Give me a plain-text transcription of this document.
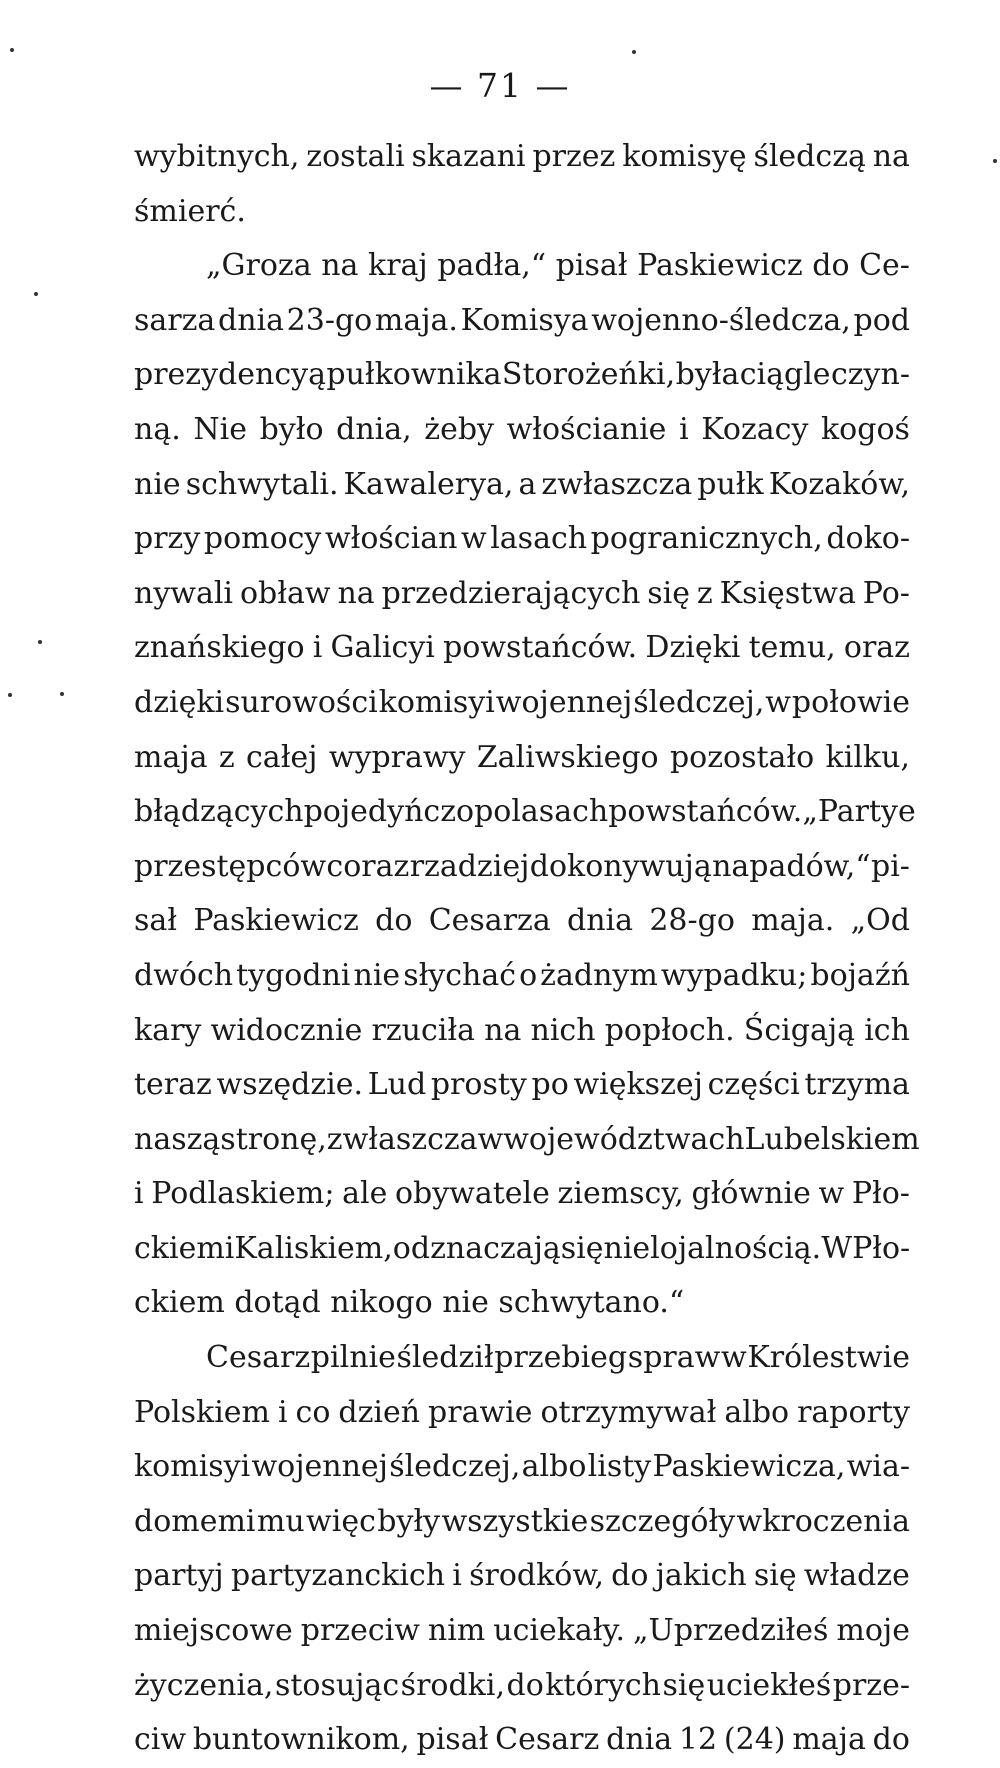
— 71 —
wybitnych, zostali skazani przez komisyę śledczą na
śmierć.
„Groza na kraj padła,“ pisał Paskiewicz do Ce-
sarza dnia 23-go maja. Komisya wojenno-śledcza, pod
prezydencyą pułkownika Storożeńki, była ciągle czyn-
ną. Nie było dnia, żeby włościanie i Kozacy kogoś
nie schwytali. Kawalerya, a zwłaszcza pułk Kozaków,
przy pomocy włościan w lasach pogranicznych, doko-
nywali obław na przedzierających się z Księstwa Po-
znańskiego i Galicyi powstańców. Dzięki temu, oraz
dzięki surowości komisyi wojennej śledczej, w połowie
maja z całej wyprawy Zaliwskiego pozostało kilku,
błądzących pojedyńczo po lasach powstańców. „Partye
przestępców coraz rzadziej dokonywują napadów,“ pi-
sał Paskiewicz do Cesarza dnia 28-go maja. „Od
dwóch tygodni nie słychać o żadnym wypadku; bojaźń
kary widocznie rzuciła na nich popłoch. Ścigają ich
teraz wszędzie. Lud prosty po większej części trzyma
naszą stronę, zwłaszcza w województwach Lubelskiem
i Podlaskiem; ale obywatele ziemscy, głównie w Pło-
ckiem i Kaliskiem, odznaczają się nielojalnością. W Pło-
ckiem dotąd nikogo nie schwytano.“
Cesarz pilnie śledził przebieg spraw w Królestwie
Polskiem i co dzień prawie otrzymywał albo raporty
komisyi wojennej śledczej, albo listy Paskiewicza, wia-
domemi mu więc były wszystkie szczegóły wkroczenia
partyj partyzanckich i środków, do jakich się władze
miejscowe przeciw nim uciekały. „Uprzedziłeś moje
życzenia, stosując środki, do których się uciekłeś prze-
ciw buntownikom, pisał Cesarz dnia 12 (24) maja do
